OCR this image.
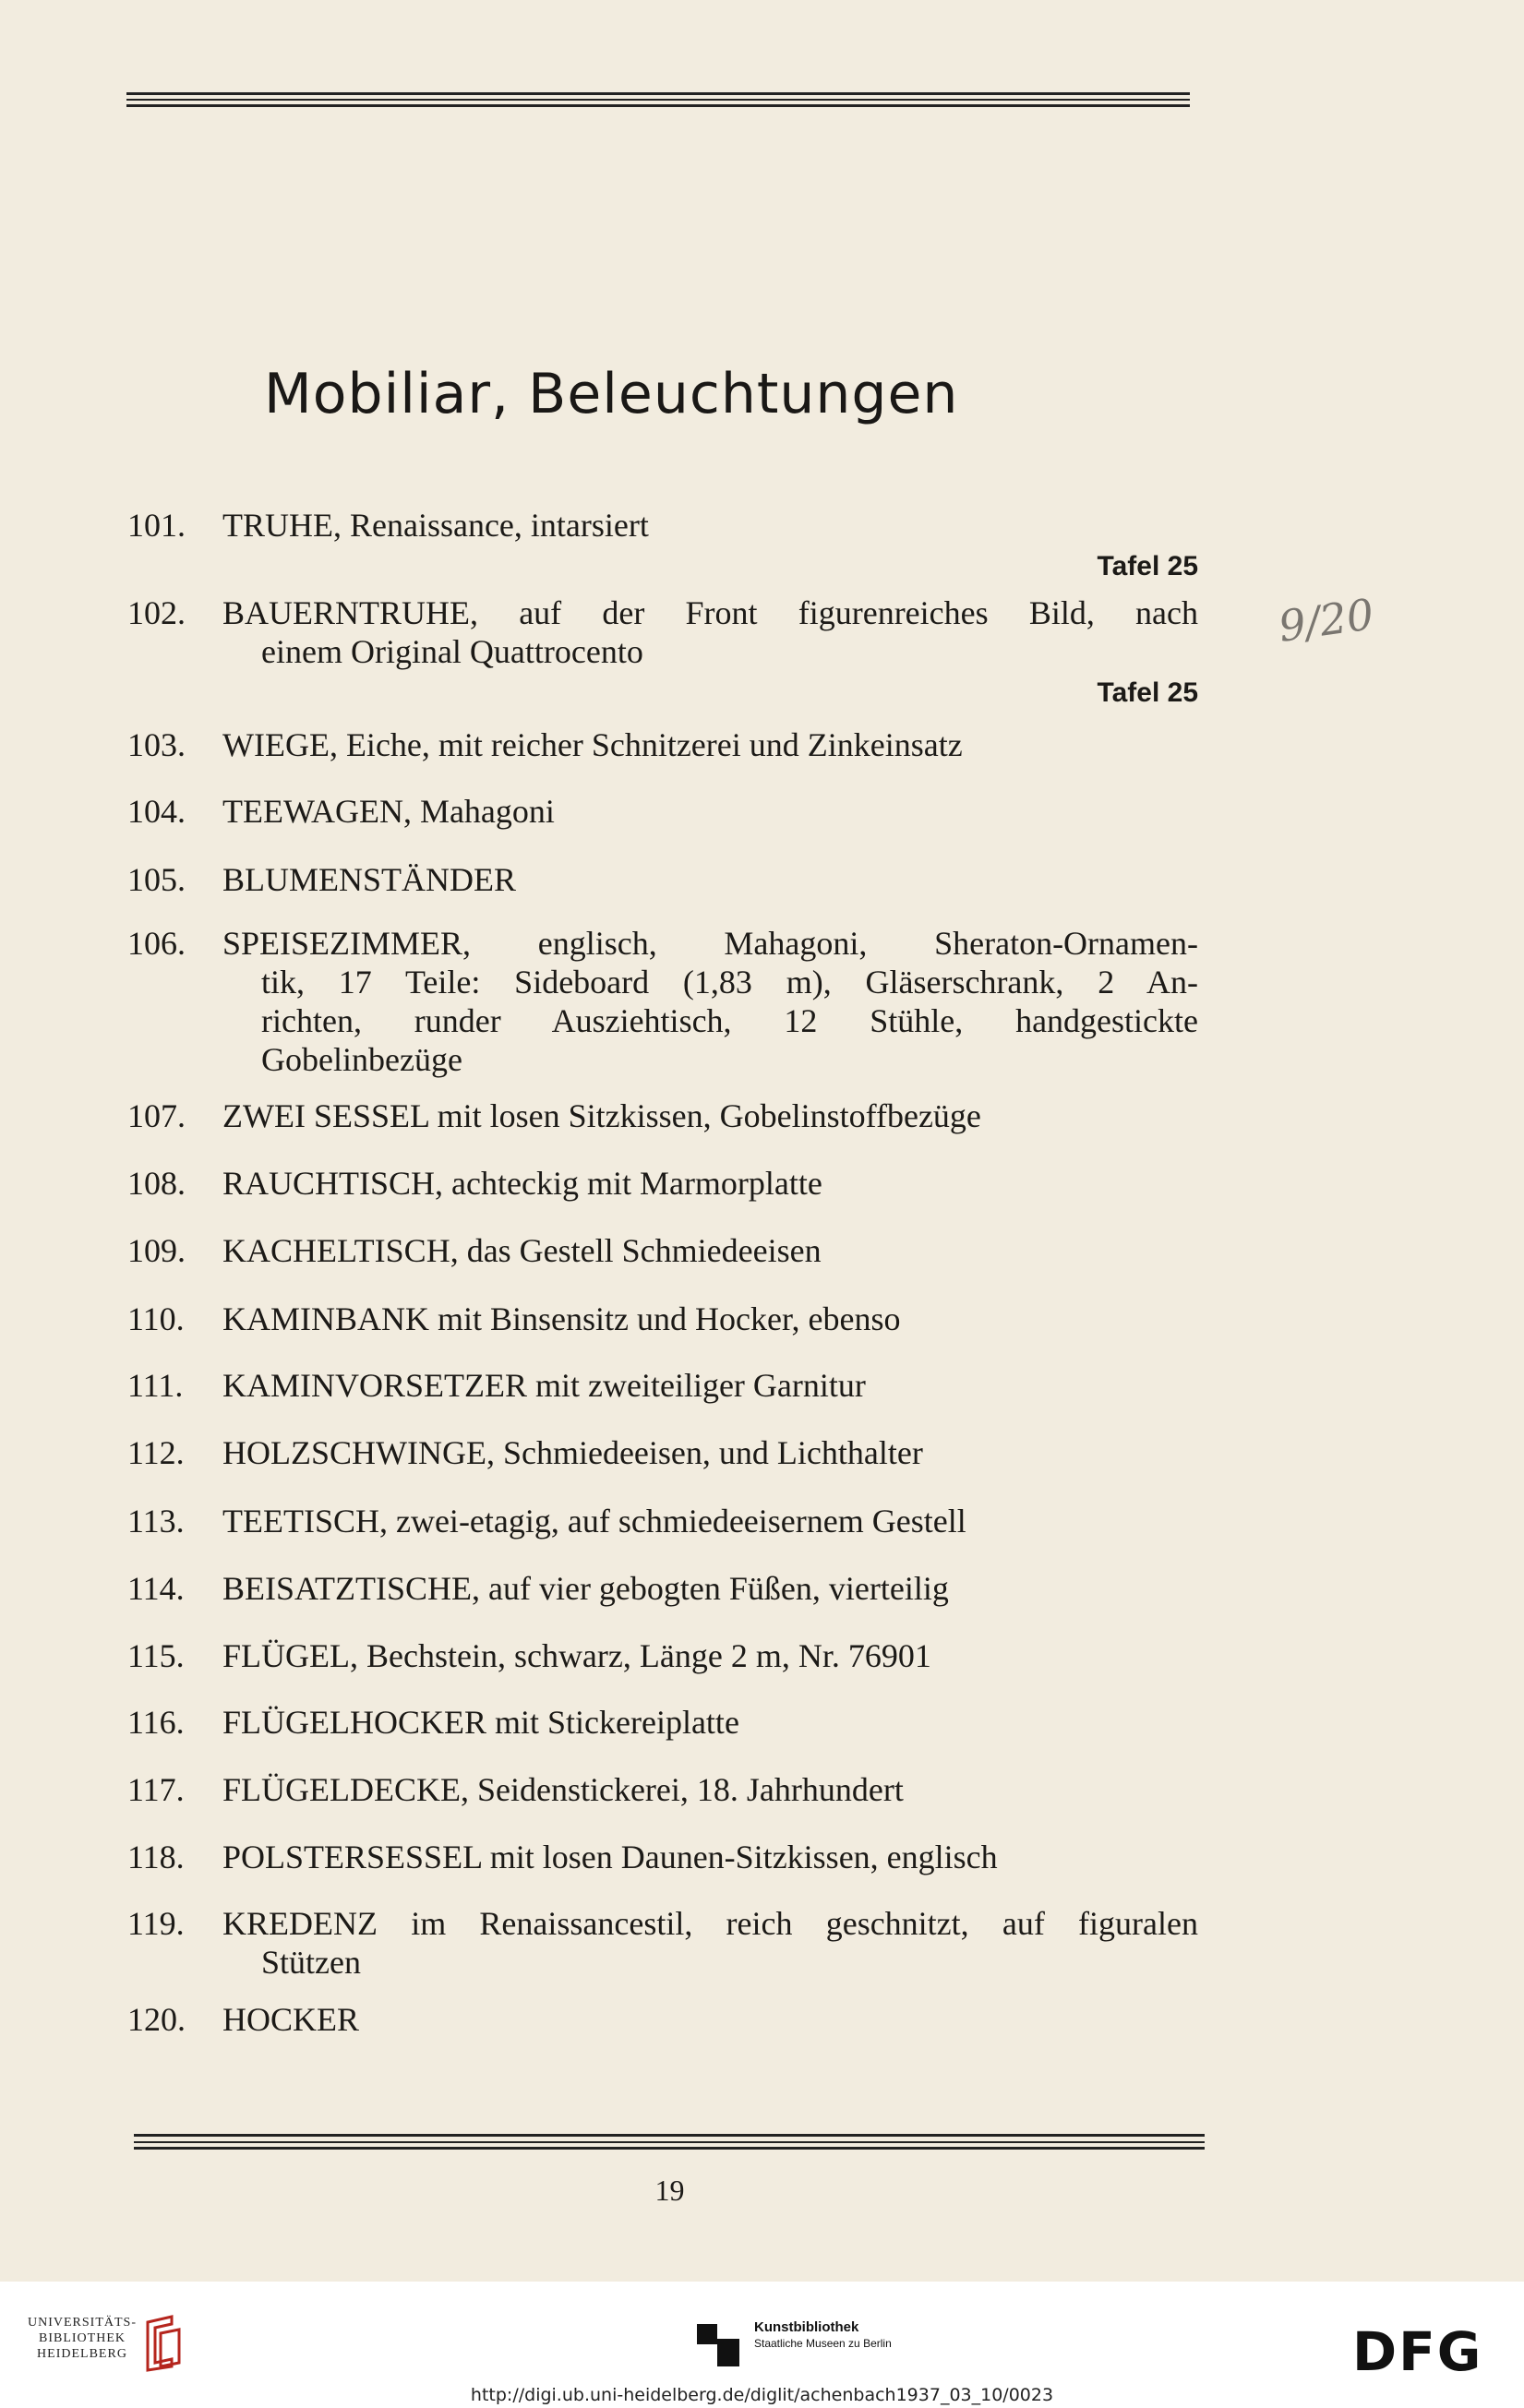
Mobiliar, Beleuchtungen
101. TRUHE, Renaissance, intarsiert
Tafel 25
102. BAUERNTRUHE, auf der Front figurenreiches Bild, nach
einem Original Quattrocento
Tafel 25
103. WIEGE, Eiche, mit reicher Schnitzerei und Zinkeinsatz
104. TEEWAGEN, Mahagoni
105. BLUMENSTÄNDER
106. SPEISEZIMMER, englisch, Mahagoni, Sheraton-Ornamen-
tik, 17 Teile: Sideboard (1,83 m), Gläserschrank, 2 An-
richten, runder Ausziehtisch, 12 Stühle, handgestickte
Gobelinbezüge
107. ZWEI SESSEL mit losen Sitzkissen, Gobelinstoffbezüge
108. RAUCHTISCH, achteckig mit Marmorplatte
109. KACHELTISCH, das Gestell Schmiedeeisen
110. KAMINBANK mit Binsensitz und Hocker, ebenso
111. KAMINVORSETZER mit zweiteiliger Garnitur
112. HOLZSCHWINGE, Schmiedeeisen, und Lichthalter
113. TEETISCH, zwei-etagig, auf schmiedeeisernem Gestell
114. BEISATZTISCHE, auf vier gebogten Füßen, vierteilig
115. FLÜGEL, Bechstein, schwarz, Länge 2 m, Nr. 76901
116. FLÜGELHOCKER mit Stickereiplatte
117. FLÜGELDECKE, Seidenstickerei, 18. Jahrhundert
118. POLSTERSESSEL mit losen Daunen-Sitzkissen, englisch
119. KREDENZ im Renaissancestil, reich geschnitzt, auf figuralen
Stützen
120. HOCKER
9/20
19
UNIVERSITÄTS-
BIBLIOTHEK
HEIDELBERG
Kunstbibliothek
Staatliche Museen zu Berlin	DFG
http://digi.ub.uni-heidelberg.de/diglit/achenbach1937_03_10/0023
